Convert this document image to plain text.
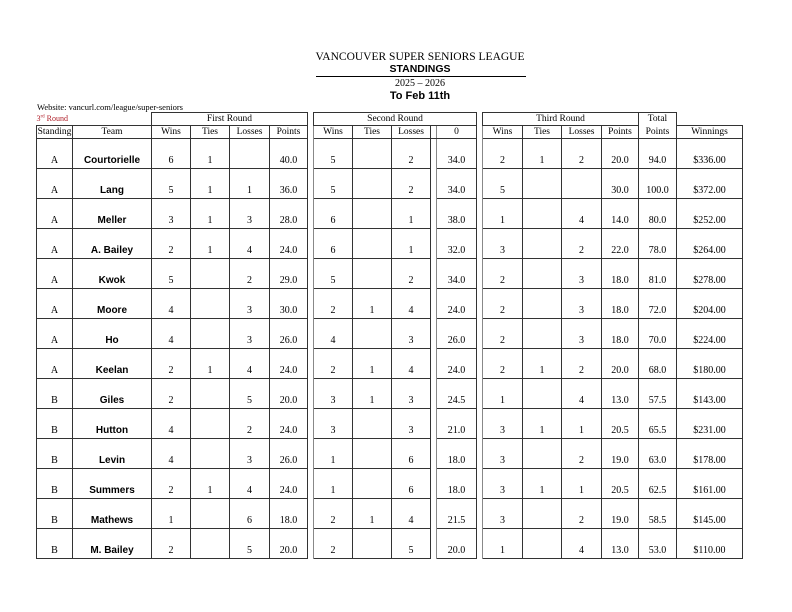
VANCOUVER SUPER SENIORS LEAGUE
STANDINGS
2025 – 2026
To Feb 11th
Website: vancurl.com/league/super-seniors
3rd Round		First Round					Second Round						Third Round				Total	
Standing	Team	Wins	Ties	Losses	Points		Wins	Ties	Losses		0		Wins	Ties	Losses	Points	Points	Winnings
A	Courtorielle	6	1		40.0		5		2		34.0		2	1	2	20.0	94.0	$336.00
A	Lang	5	1	1	36.0		5		2		34.0		5			30.0	100.0	$372.00
A	Meller	3	1	3	28.0		6		1		38.0		1		4	14.0	80.0	$252.00
A	A. Bailey	2	1	4	24.0		6		1		32.0		3		2	22.0	78.0	$264.00
A	Kwok	5		2	29.0		5		2		34.0		2		3	18.0	81.0	$278.00
A	Moore	4		3	30.0		2	1	4		24.0		2		3	18.0	72.0	$204.00
A	Ho	4		3	26.0		4		3		26.0		2		3	18.0	70.0	$224.00
A	Keelan	2	1	4	24.0		2	1	4		24.0		2	1	2	20.0	68.0	$180.00
B	Giles	2		5	20.0		3	1	3		24.5		1		4	13.0	57.5	$143.00
B	Hutton	4		2	24.0		3		3		21.0		3	1	1	20.5	65.5	$231.00
B	Levin	4		3	26.0		1		6		18.0		3		2	19.0	63.0	$178.00
B	Summers	2	1	4	24.0		1		6		18.0		3	1	1	20.5	62.5	$161.00
B	Mathews	1		6	18.0		2	1	4		21.5		3		2	19.0	58.5	$145.00
B	M. Bailey	2		5	20.0		2		5		20.0		1		4	13.0	53.0	$110.00
